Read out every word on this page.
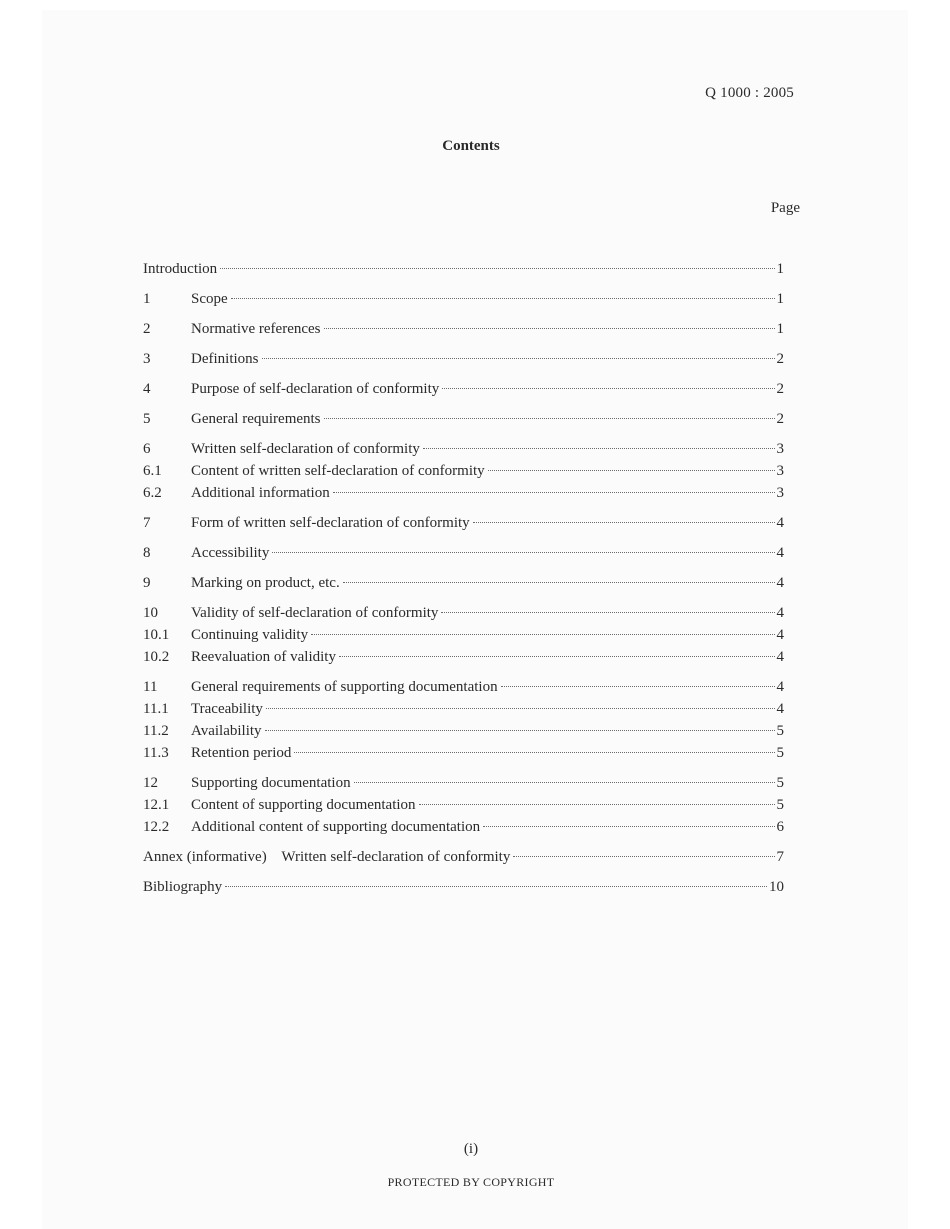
Q 1000 : 2005
Contents
Page
Introduction	1
1	Scope	1
2	Normative references	1
3	Definitions	2
4	Purpose of self-declaration of conformity	2
5	General requirements	2
6	Written self-declaration of conformity	3
6.1	Content of written self-declaration of conformity	3
6.2	Additional information	3
7	Form of written self-declaration of conformity	4
8	Accessibility	4
9	Marking on product, etc.	4
10	Validity of self-declaration of conformity	4
10.1	Continuing validity	4
10.2	Reevaluation of validity	4
11	General requirements of supporting documentation	4
11.1	Traceability	4
11.2	Availability	5
11.3	Retention period	5
12	Supporting documentation	5
12.1	Content of supporting documentation	5
12.2	Additional content of supporting documentation	6
Annex (informative)    Written self-declaration of conformity	7
Bibliography	10
(i)
PROTECTED BY COPYRIGHT
